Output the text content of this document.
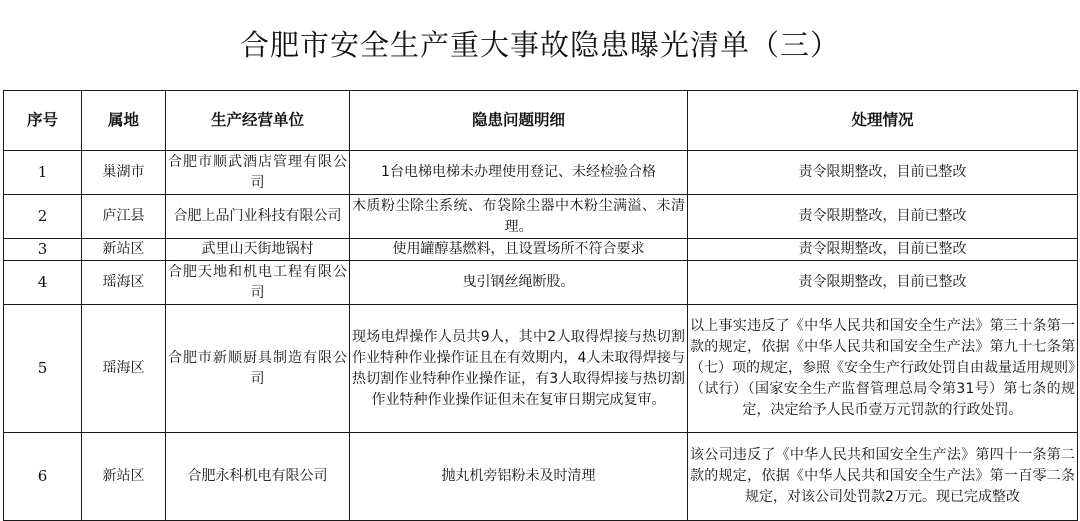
合肥市安全生产重大事故隐患曝光清单（三）
序号	属地	生产经营单位	隐患问题明细	处理情况
1	巢湖市	合肥市顺武酒店管理有限公司	1台电梯电梯未办理使用登记、未经检验合格	责令限期整改，目前已整改
2	庐江县	合肥上品门业科技有限公司	木质粉尘除尘系统、布袋除尘器中木粉尘满溢、未清理。	责令限期整改，目前已整改
3	新站区	武里山天街地锅村	使用罐醇基燃料，且设置场所不符合要求	责令限期整改，目前已整改
4	瑶海区	合肥天地和机电工程有限公司	曳引钢丝绳断股。	责令限期整改，目前已整改
5	瑶海区	合肥市新顺厨具制造有限公司	现场电焊操作人员共9人，其中2人取得焊接与热切割作业特种作业操作证且在有效期内，4人未取得焊接与热切割作业特种作业操作证，有3人取得焊接与热切割作业特种作业操作证但未在复审日期完成复审。	以上事实违反了《中华人民共和国安全生产法》第三十条第一款的规定，依据《中华人民共和国安全生产法》第九十七条第（七）项的规定，参照《安全生产行政处罚自由裁量适用规则》（试行）（国家安全生产监督管理总局令第31号）第七条的规定，决定给予人民币壹万元罚款的行政处罚。
6	新站区	合肥永科机电有限公司	抛丸机旁铝粉未及时清理	该公司违反了《中华人民共和国安全生产法》第四十一条第二款的规定，依据《中华人民共和国安全生产法》第一百零二条规定，对该公司处罚款2万元。现已完成整改
